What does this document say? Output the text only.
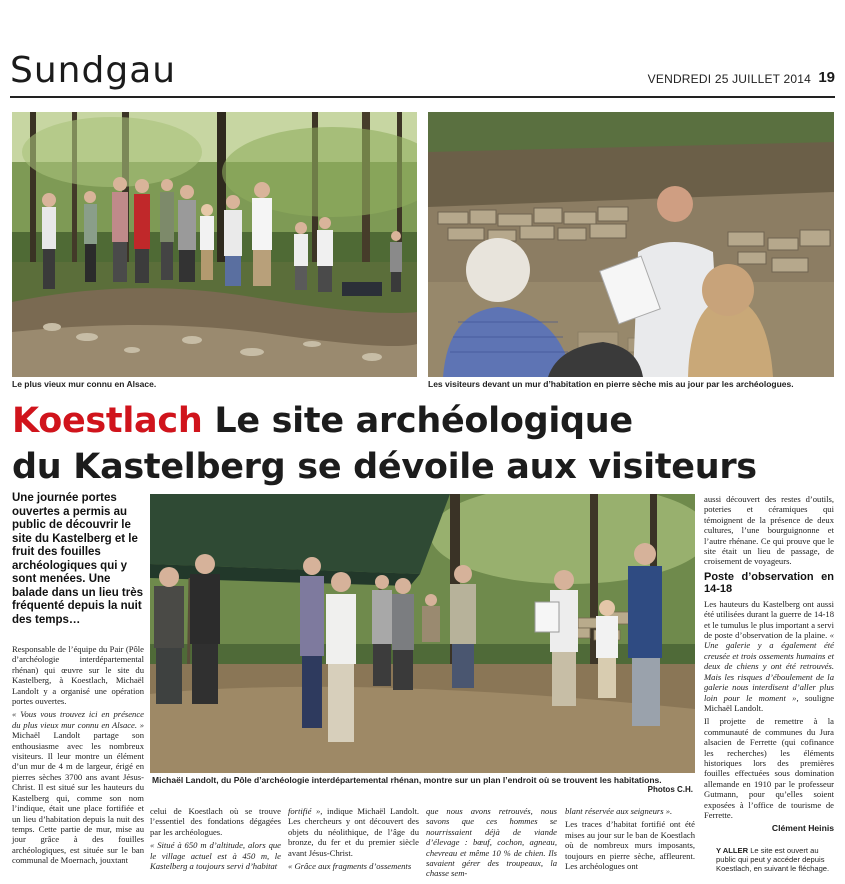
Sundgau	VENDREDI 25 JUILLET 2014 19
Le plus vieux mur connu en Alsace.	Les visiteurs devant un mur d’habitation en pierre sèche mis au jour par les archéologues.
Koestlach Le site archéologique
du Kastelberg se dévoile aux visiteurs
Une journée portes ouvertes a permis au public de découvrir le site du Kastelberg et le fruit des fouilles archéologiques qui y sont menées. Une balade dans un lieu très fréquenté depuis la nuit des temps…
Michaël Landolt, du Pôle d’archéologie interdépartemental rhénan, montre sur un plan l’endroit où se trouvent les habitations.
Photos C.H.

Responsable de l’équipe du Pair (Pôle d’archéologie interdépartemental rhénan) qui œuvre sur le site du Kastelberg, à Koestlach, Michaël Landolt y a organisé une opération portes ouvertes.

« Vous vous trouvez ici en présence du plus vieux mur connu en Alsace. » Michaël Landolt partage son enthousiasme avec les nombreux visiteurs. Il leur montre un élément d’un mur de 4 m de largeur, érigé en pierres sèches 3700 ans avant Jésus-Christ. Il est situé sur les hauteurs du Kastelberg qui, comme son nom l’indique, était une place fortifiée et un lieu d’habitation depuis la nuit des temps. Cette partie de mur, mise au jour grâce à des fouilles archéologiques, est située sur le ban communal de Moernach, jouxtant

celui de Koestlach où se trouve l’essentiel des fondations dégagées par les archéologues.

« Situé à 650 m d’altitude, alors que le village actuel est à 450 m, le Kastelberg a toujours servi d’habitat

fortifié », indique Michaël Landolt. Les chercheurs y ont découvert des objets du néolithique, de l’âge du bronze, du fer et du premier siècle avant Jésus-Christ.

« Grâce aux fragments d’ossements

que nous avons retrouvés, nous savons que ces hommes se nourrissaient déjà de viande d’élevage : bœuf, cochon, agneau, chevreau et même 10 % de chien. Ils savaient gérer des troupeaux, la chasse sem-

blant réservée aux seigneurs ».

Les traces d’habitat fortifié ont été mises au jour sur le ban de Koestlach où de nombreux murs imposants, toujours en pierre sèche, affleurent. Les archéologues ont

aussi découvert des restes d’outils, poteries et céramiques qui témoignent de la présence de deux cultures, l’une bourguignonne et l’autre rhénane. Ce qui prouve que le site était un lieu de passage, de croisement de voyageurs.

Poste d’observation en 14-18

Les hauteurs du Kastelberg ont aussi été utilisées durant la guerre de 14-18 et le tumulus le plus important a servi de poste d’observation de la plaine. « Une galerie y a également été creusée et trois ossements humains et deux de chiens y ont été retrouvés. Mais les risques d’éboulement de la galerie nous interdisent d’aller plus loin pour le moment », souligne Michaël Landolt.

Il projette de remettre à la communauté de communes du Jura alsacien de Ferrette (qui cofinance les recherches) les éléments historiques lors des premières fouilles effectuées sous domination allemande en 1910 par le professeur Gutmann, pour qu’elles soient exposées à l’office de tourisme de Ferrette.

Clément Heinis
Y ALLER Le site est ouvert au public qui peut y accéder depuis Koestlach, en suivant le fléchage.
